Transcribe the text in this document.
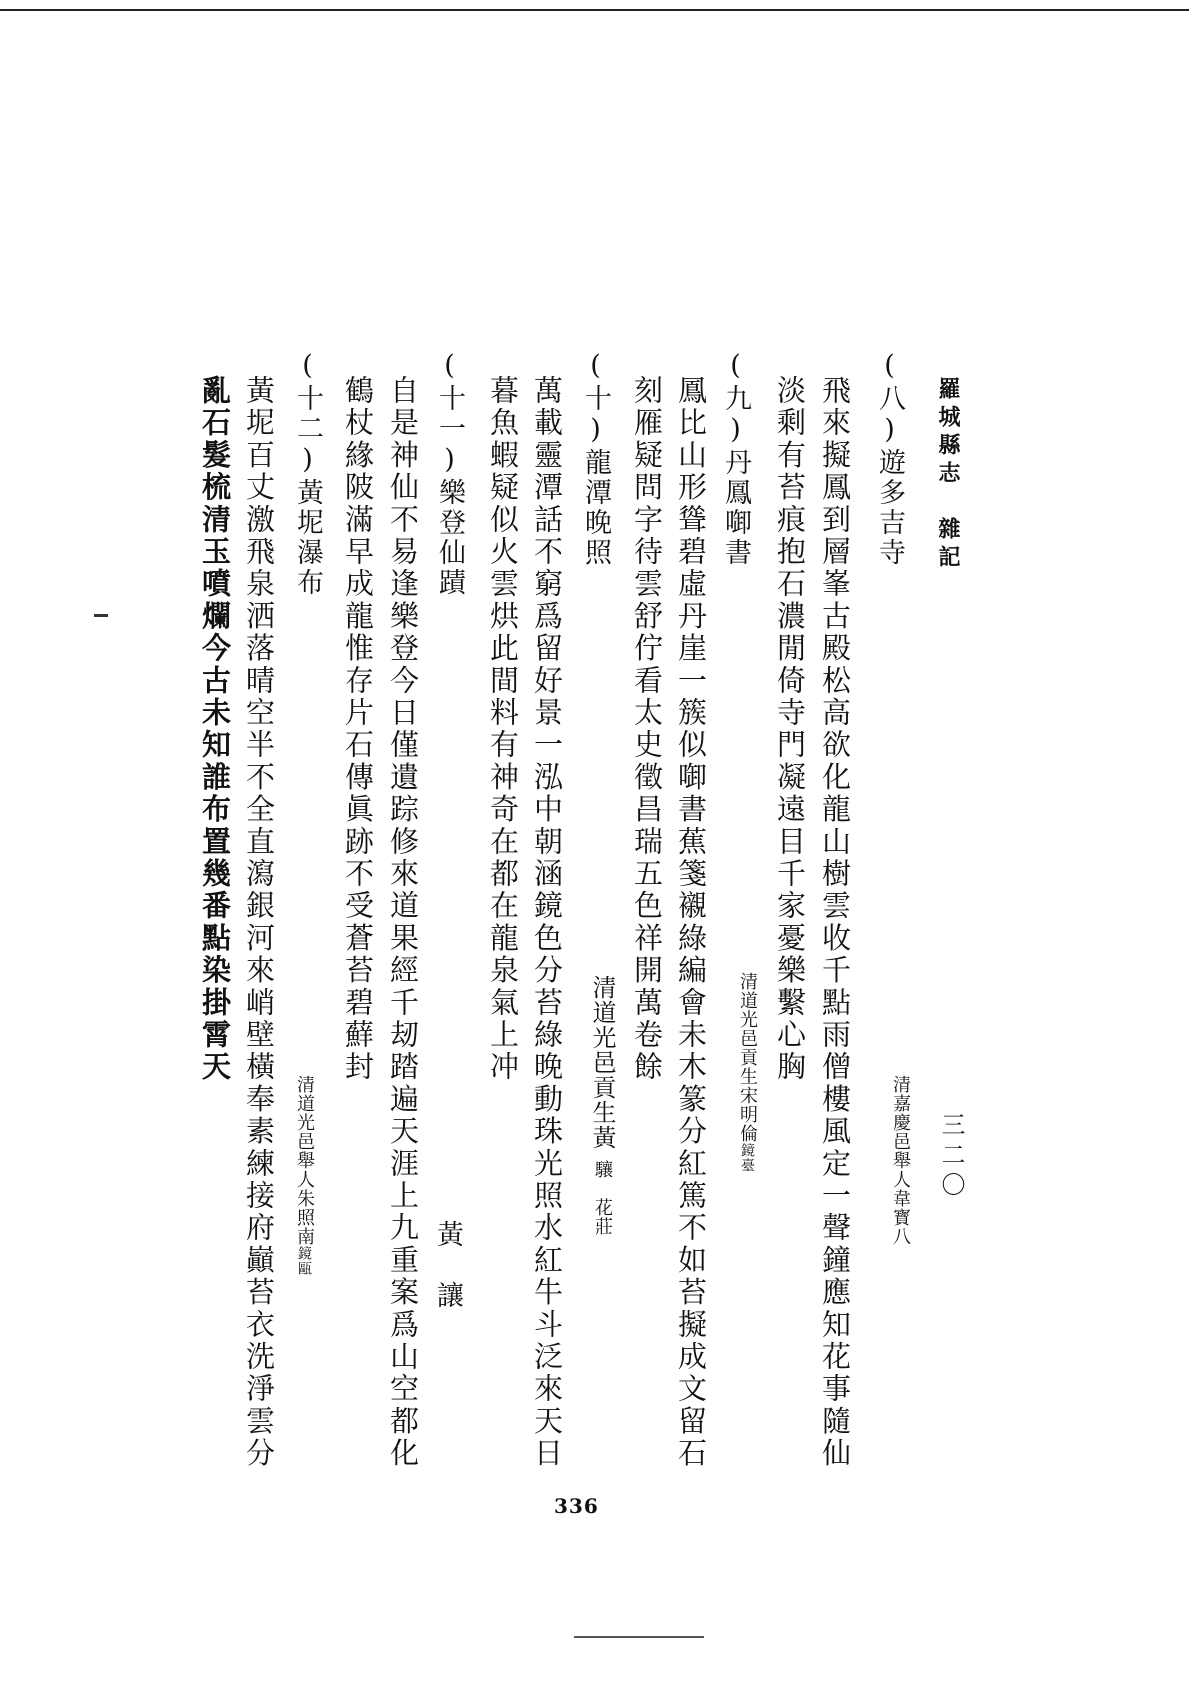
羅城縣志　雜記
三二〇
(八)遊多吉寺
清嘉慶邑舉人韋寳八
飛來擬鳳到層峯古殿松高欲化龍山樹雲收千點雨僧樓風定一聲鐘應知花事隨仙
淡剩有苔痕抱石濃閒倚寺門凝遠目千家憂樂繫心胸
(九)丹鳳啣書
清道光邑貢生宋明倫鏡臺
鳳比山形聳碧虛丹崖一簇似啣書蕉箋襯綠編會未木篆分紅篤不如苔擬成文留石
刻雁疑問字待雲舒佇看太史徵昌瑞五色祥開萬卷餘
(十)龍潭晚照
清道光邑貢生黃驤　花莊
萬載靈潭話不窮爲留好景一泓中朝涵鏡色分苔綠晚動珠光照水紅牛斗泛來天日
暮魚蝦疑似火雲烘此間料有神奇在都在龍泉氣上冲
(十一)樂登仙蹟
黃讓
自是神仙不易逢樂登今日僅遺踪修來道果經千刼踏遍天涯上九重案爲山空都化
鶴杖緣陂滿早成龍惟存片石傳眞跡不受蒼苔碧蘚封
(十二)黃坭瀑布
清道光邑舉人朱照南鏡甌
黃坭百丈激飛泉洒落晴空半不全直瀉銀河來峭壁橫奉素練接府巓苔衣洗淨雲分
亂石髮梳清玉噴爛今古未知誰布置幾番點染掛霄天
336
